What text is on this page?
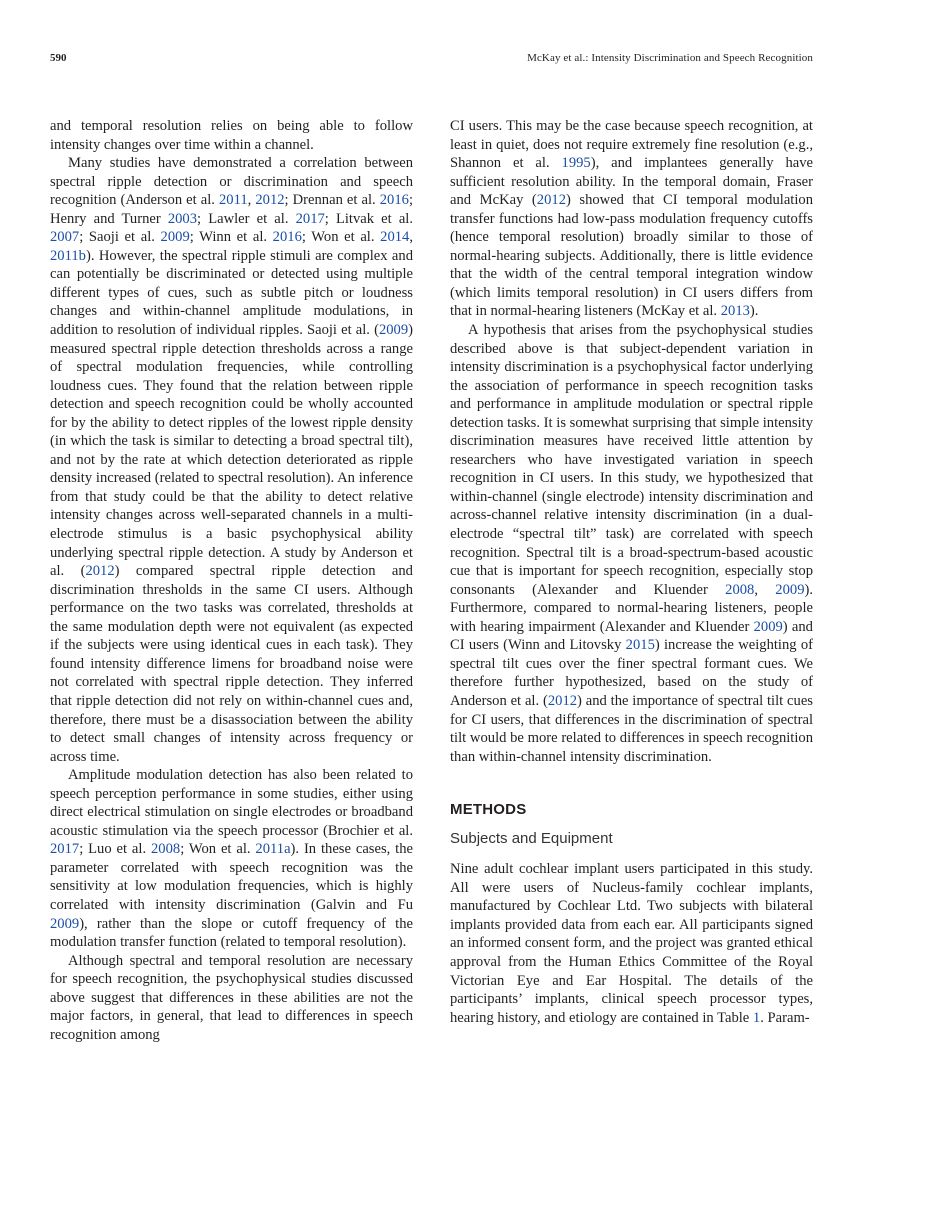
590	McKay et al.: Intensity Discrimination and Speech Recognition

and temporal resolution relies on being able to follow intensity changes over time within a channel.

Many studies have demonstrated a correlation between spectral ripple detection or discrimination and speech recognition (Anderson et al. 2011, 2012; Drennan et al. 2016; Henry and Turner 2003; Lawler et al. 2017; Litvak et al. 2007; Saoji et al. 2009; Winn et al. 2016; Won et al. 2014, 2011b). However, the spectral ripple stimuli are complex and can potentially be discriminated or detected using multiple different types of cues, such as subtle pitch or loudness changes and within-channel amplitude modulations, in addition to resolution of individual ripples. Saoji et al. (2009) measured spectral ripple detection thresholds across a range of spectral modulation frequencies, while controlling loudness cues. They found that the relation between ripple detection and speech recognition could be wholly accounted for by the ability to detect ripples of the lowest ripple density (in which the task is similar to detecting a broad spectral tilt), and not by the rate at which detection deteriorated as ripple density increased (related to spectral resolution). An inference from that study could be that the ability to detect relative intensity changes across well-separated channels in a multi-electrode stimulus is a basic psychophysical ability underlying spectral ripple detection. A study by Anderson et al. (2012) compared spectral ripple detection and discrimination thresholds in the same CI users. Although performance on the two tasks was correlated, thresholds at the same modulation depth were not equivalent (as expected if the subjects were using identical cues in each task). They found intensity difference limens for broadband noise were not correlated with spectral ripple detection. They inferred that ripple detection did not rely on within-channel cues and, therefore, there must be a disassociation between the ability to detect small changes of intensity across frequency or across time.

Amplitude modulation detection has also been related to speech perception performance in some studies, either using direct electrical stimulation on single electrodes or broadband acoustic stimulation via the speech processor (Brochier et al. 2017; Luo et al. 2008; Won et al. 2011a). In these cases, the parameter correlated with speech recognition was the sensitivity at low modulation frequencies, which is highly correlated with intensity discrimination (Galvin and Fu 2009), rather than the slope or cutoff frequency of the modulation transfer function (related to temporal resolution).

Although spectral and temporal resolution are necessary for speech recognition, the psychophysical studies discussed above suggest that differences in these abilities are not the major factors, in general, that lead to differences in speech recognition among

CI users. This may be the case because speech recognition, at least in quiet, does not require extremely fine resolution (e.g., Shannon et al. 1995), and implantees generally have sufficient resolution ability. In the temporal domain, Fraser and McKay (2012) showed that CI temporal modulation transfer functions had low-pass modulation frequency cutoffs (hence temporal resolution) broadly similar to those of normal-hearing subjects. Additionally, there is little evidence that the width of the central temporal integration window (which limits temporal resolution) in CI users differs from that in normal-hearing listeners (McKay et al. 2013).

A hypothesis that arises from the psychophysical studies described above is that subject-dependent variation in intensity discrimination is a psychophysical factor underlying the association of performance in speech recognition tasks and performance in amplitude modulation or spectral ripple detection tasks. It is somewhat surprising that simple intensity discrimination measures have received little attention by researchers who have investigated variation in speech recognition in CI users. In this study, we hypothesized that within-channel (single electrode) intensity discrimination and across-channel relative intensity discrimination (in a dual-electrode “spectral tilt” task) are correlated with speech recognition. Spectral tilt is a broad-spectrum-based acoustic cue that is important for speech recognition, especially stop consonants (Alexander and Kluender 2008, 2009). Furthermore, compared to normal-hearing listeners, people with hearing impairment (Alexander and Kluender 2009) and CI users (Winn and Litovsky 2015) increase the weighting of spectral tilt cues over the finer spectral formant cues. We therefore further hypothesized, based on the study of Anderson et al. (2012) and the importance of spectral tilt cues for CI users, that differences in the discrimination of spectral tilt would be more related to differences in speech recognition than within-channel intensity discrimination.

METHODS
Subjects and Equipment

Nine adult cochlear implant users participated in this study. All were users of Nucleus-family cochlear implants, manufactured by Cochlear Ltd. Two subjects with bilateral implants provided data from each ear. All participants signed an informed consent form, and the project was granted ethical approval from the Human Ethics Committee of the Royal Victorian Eye and Ear Hospital. The details of the participants’ implants, clinical speech processor types, hearing history, and etiology are contained in Table 1. Param-
